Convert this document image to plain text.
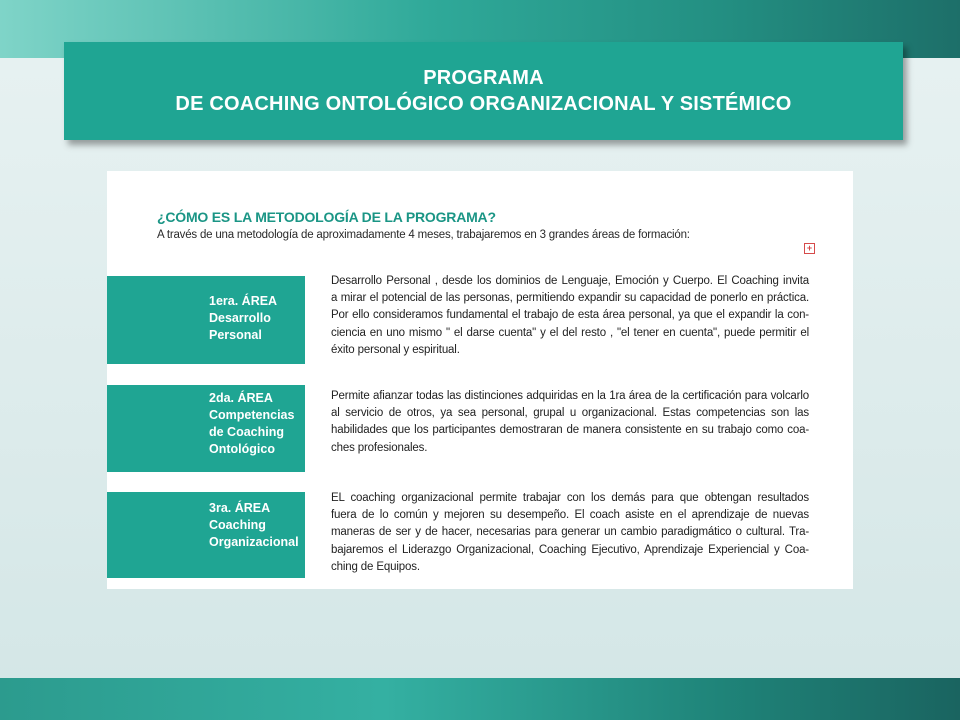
PROGRAMA
DE COACHING ONTOLÓGICO ORGANIZACIONAL Y SISTÉMICO
¿CÓMO ES LA METODOLOGÍA DE LA PROGRAMA?
A través de una metodología de aproximadamente 4 meses, trabajaremos en 3 grandes áreas de formación:
+
1era. ÁREA
Desarrollo
Personal
Desarrollo Personal , desde los dominios de Lenguaje, Emoción y Cuerpo. El Coaching invita
a mirar el potencial de las personas, permitiendo expandir su capacidad de ponerlo en práctica.
Por ello consideramos fundamental el trabajo de esta área personal, ya que el expandir la con-
ciencia en uno mismo " el darse cuenta" y el del resto , "el tener en cuenta", puede permitir el
éxito personal y espiritual.
2da. ÁREA
Competencias
de Coaching
Ontológico
Permite afianzar todas las distinciones adquiridas en la 1ra área de la certificación para volcarlo
al servicio de otros, ya sea personal, grupal u organizacional. Estas competencias son las
habilidades que los participantes demostraran de manera consistente en su trabajo como coa-
ches profesionales.
3ra. ÁREA
Coaching
Organizacional
EL coaching organizacional permite trabajar con los demás para que obtengan resultados
fuera de lo común y mejoren su desempeño. El coach asiste en el aprendizaje de nuevas
maneras de ser y de hacer, necesarias para generar un cambio paradigmático o cultural. Tra-
bajaremos el Liderazgo Organizacional, Coaching Ejecutivo, Aprendizaje Experiencial y Coa-
ching de Equipos.
